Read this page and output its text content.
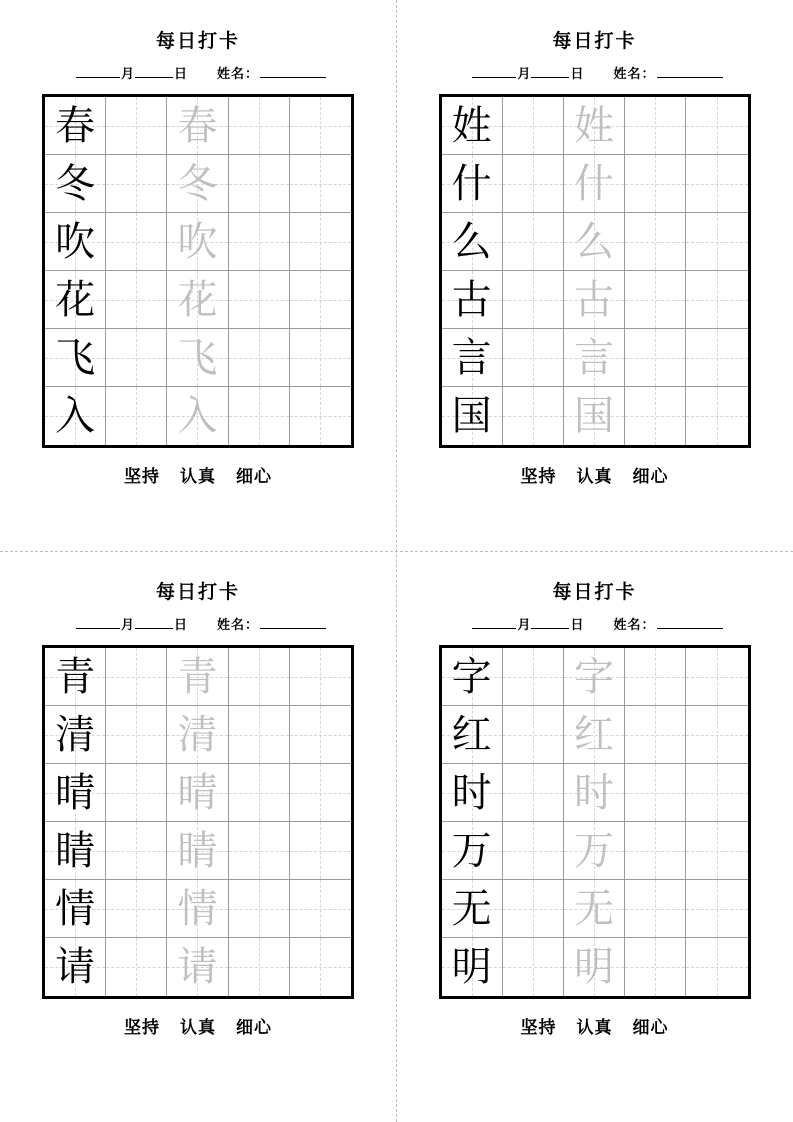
每日打卡
月	日 姓名：
春 春
冬 冬
吹 吹
花 花
飞 飞
入 入
坚持 认真 细心
每日打卡
月	日 姓名：
姓 姓
什 什
么 么
古 古
言 言
国 国
坚持 认真 细心
每日打卡
月	日 姓名：
青 青
清 清
晴 晴
睛 睛
情 情
请 请
坚持 认真 细心
每日打卡
月	日 姓名：
字 字
红 红
时 时
万 万
无 无
明 明
坚持 认真 细心
